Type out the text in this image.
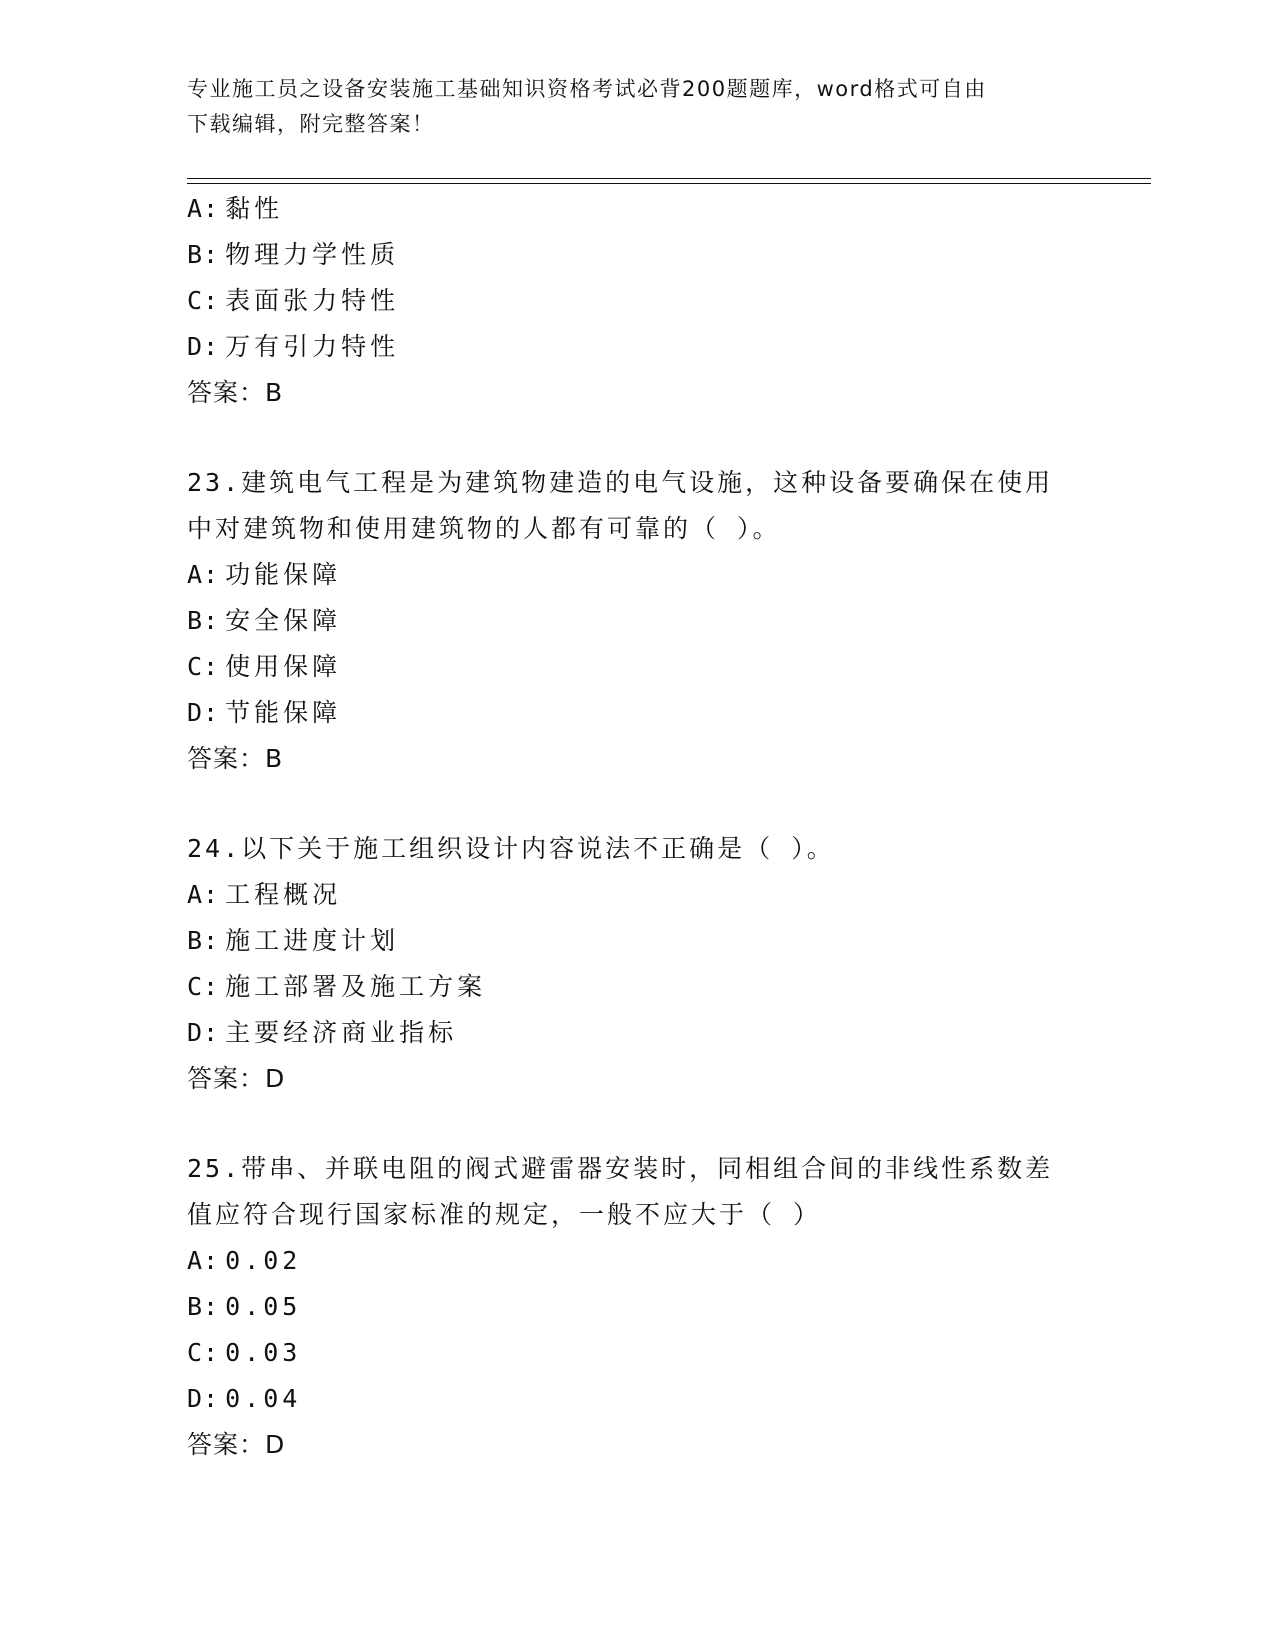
专业施工员之设备安装施工基础知识资格考试必背200题题库，word格式可自由
下载编辑，附完整答案！
A: 黏性
B: 物理力学性质
C: 表面张力特性
D: 万有引力特性
答案：B
23.建筑电气工程是为建筑物建造的电气设施，这种设备要确保在使用
中对建筑物和使用建筑物的人都有可靠的（ ）。
A: 功能保障
B: 安全保障
C: 使用保障
D: 节能保障
答案：B
24.以下关于施工组织设计内容说法不正确是（ ）。
A: 工程概况
B: 施工进度计划
C: 施工部署及施工方案
D: 主要经济商业指标
答案：D
25.带串、并联电阻的阀式避雷器安装时，同相组合间的非线性系数差
值应符合现行国家标准的规定，一般不应大于（ ）
A: 0.02
B: 0.05
C: 0.03
D: 0.04
答案：D
